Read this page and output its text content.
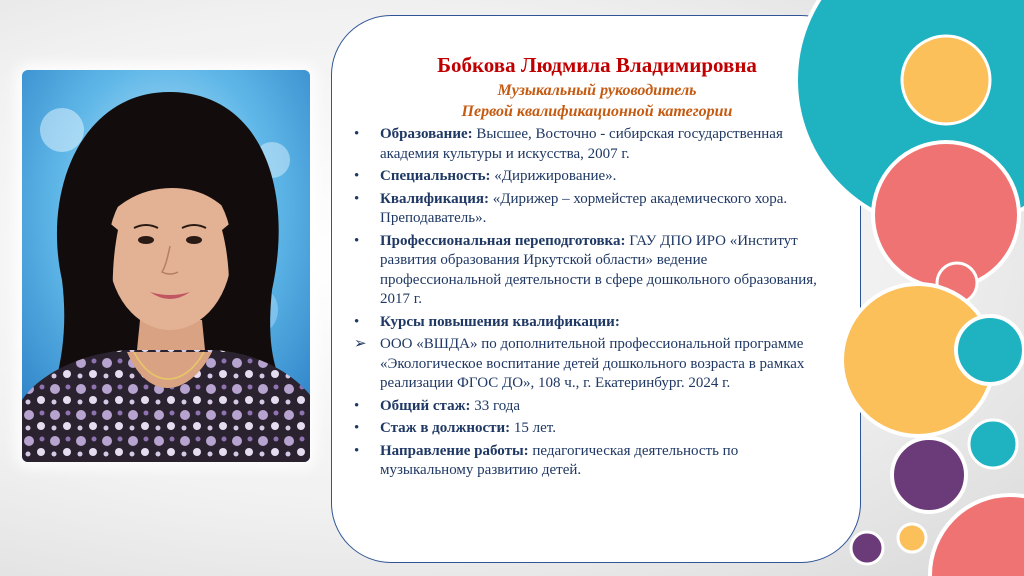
Бобкова Людмила Владимировна

Музыкальный руководитель

Первой квалификационной категории

• Образование: Высшее, Восточно - сибирская государственная академия культуры и искусства, 2007 г.
• Специальность: «Дирижирование».
• Квалификация: «Дирижер – хормейстер академического хора. Преподаватель».
• Профессиональная переподготовка: ГАУ ДПО ИРО «Институт развития образования Иркутской области» ведение профессиональной деятельности в сфере дошкольного образования, 2017 г.
• Курсы повышения квалификации:
➢ ООО «ВШДА» по дополнительной профессиональной программе «Экологическое воспитание детей дошкольного возраста в рамках реализации ФГОС ДО», 108 ч., г. Екатеринбург. 2024 г.
• Общий стаж: 33 года
• Стаж в должности: 15 лет.
• Направление работы: педагогическая деятельность по музыкальному развитию детей.
